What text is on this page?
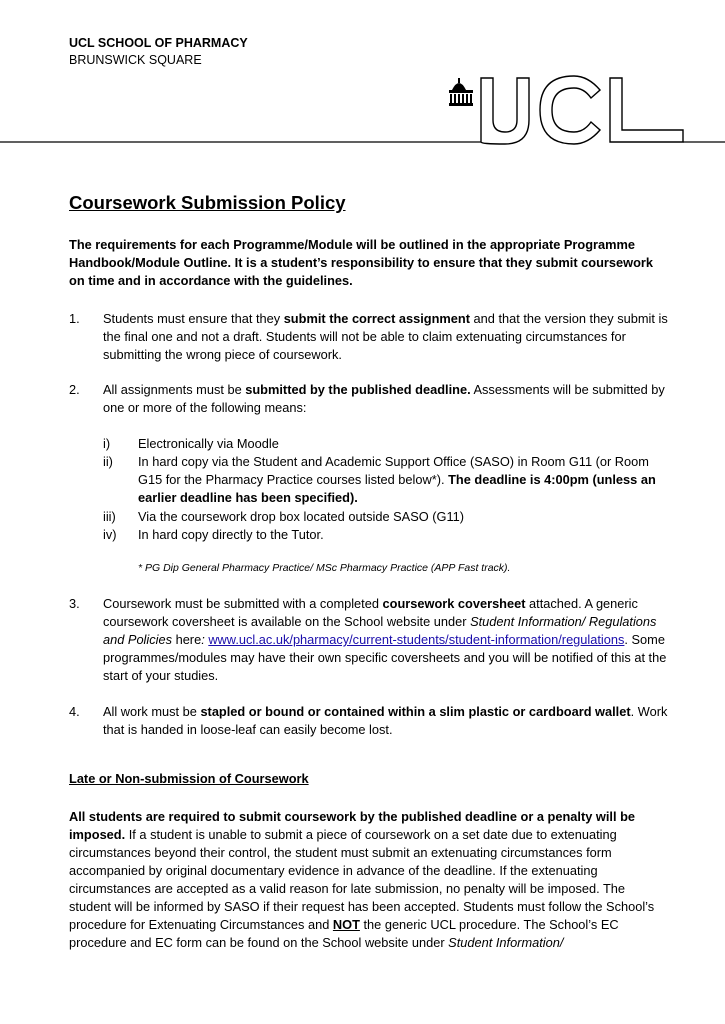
UCL SCHOOL OF PHARMACY
BRUNSWICK SQUARE
Coursework Submission Policy
The requirements for each Programme/Module will be outlined in the appropriate Programme Handbook/Module Outline. It is a student’s responsibility to ensure that they submit coursework on time and in accordance with the guidelines.
1. Students must ensure that they submit the correct assignment and that the version they submit is the final one and not a draft. Students will not be able to claim extenuating circumstances for submitting the wrong piece of coursework.
2. All assignments must be submitted by the published deadline. Assessments will be submitted by one or more of the following means:
i) Electronically via Moodle
ii) In hard copy via the Student and Academic Support Office (SASO) in Room G11 (or Room G15 for the Pharmacy Practice courses listed below*). The deadline is 4:00pm (unless an earlier deadline has been specified).
iii) Via the coursework drop box located outside SASO (G11)
iv) In hard copy directly to the Tutor.
* PG Dip General Pharmacy Practice/ MSc Pharmacy Practice (APP Fast track).
3. Coursework must be submitted with a completed coursework coversheet attached. A generic coursework coversheet is available on the School website under Student Information/ Regulations and Policies here: www.ucl.ac.uk/pharmacy/current-students/student-information/regulations. Some programmes/modules may have their own specific coversheets and you will be notified of this at the start of your studies.
4. All work must be stapled or bound or contained within a slim plastic or cardboard wallet. Work that is handed in loose-leaf can easily become lost.
Late or Non-submission of Coursework
All students are required to submit coursework by the published deadline or a penalty will be imposed. If a student is unable to submit a piece of coursework on a set date due to extenuating circumstances beyond their control, the student must submit an extenuating circumstances form accompanied by original documentary evidence in advance of the deadline. If the extenuating circumstances are accepted as a valid reason for late submission, no penalty will be imposed. The student will be informed by SASO if their request has been accepted. Students must follow the School’s procedure for Extenuating Circumstances and NOT the generic UCL procedure. The School’s EC procedure and EC form can be found on the School website under Student Information/
